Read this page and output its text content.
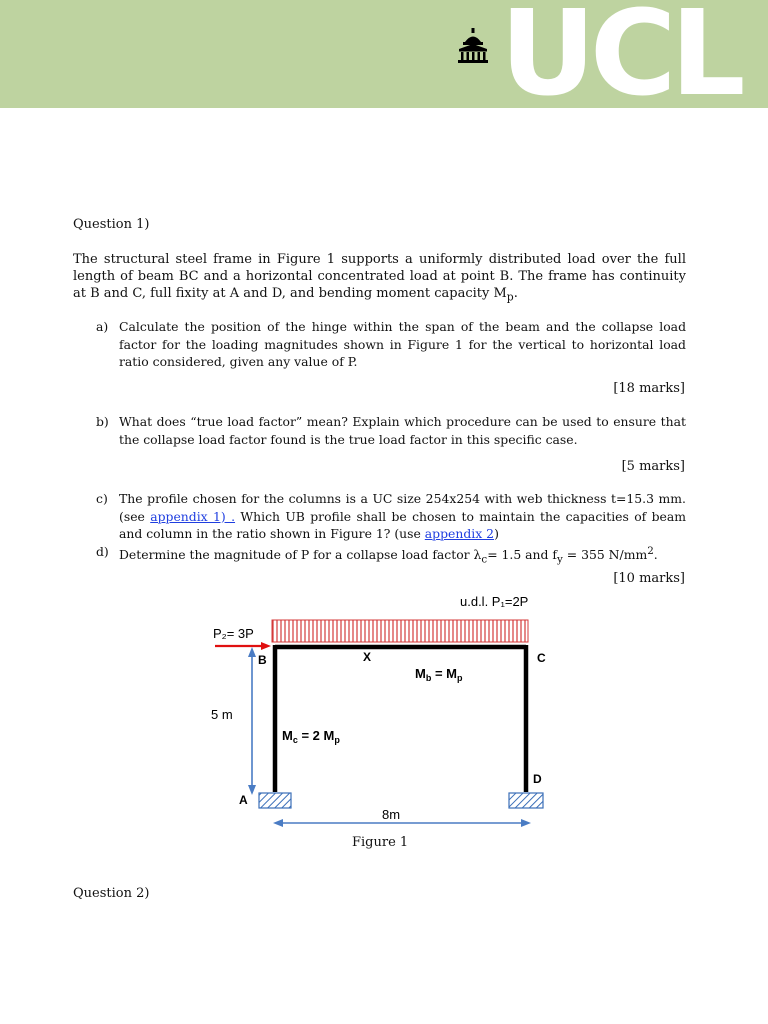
UCL
Question 1)

The structural steel frame in Figure 1 supports a uniformly distributed load over the full length of beam BC and a horizontal concentrated load at point B. The frame has continuity at B and C, full fixity at A and D, and bending moment capacity $M_p$.

a) Calculate the position of the hinge within the span of the beam and the collapse load factor for the loading magnitudes shown in Figure 1 for the vertical to horizontal load ratio considered, given any value of P.
[18 marks]
b) What does “true load factor” mean? Explain which procedure can be used to ensure that the collapse load factor found is the true load factor in this specific case.
[5 marks]
c) The profile chosen for the columns is a UC size 254x254 with web thickness t=15.3 mm. (see appendix 1) . Which UB profile shall be chosen to maintain the capacities of beam and column in the ratio shown in Figure 1? (use appendix 2)
d) Determine the magnitude of P for a collapse load factor $\lambda_c= 1.5$ and $f_y = 355$ $N/mm^2$.
[10 marks]
u.d.l. P₁=2P
P₂= 3P
5 m
8m
B	X	C
D
A
$M_b = M_p$
$M_c = 2$ $M_p$
Figure 1
Question 2)
